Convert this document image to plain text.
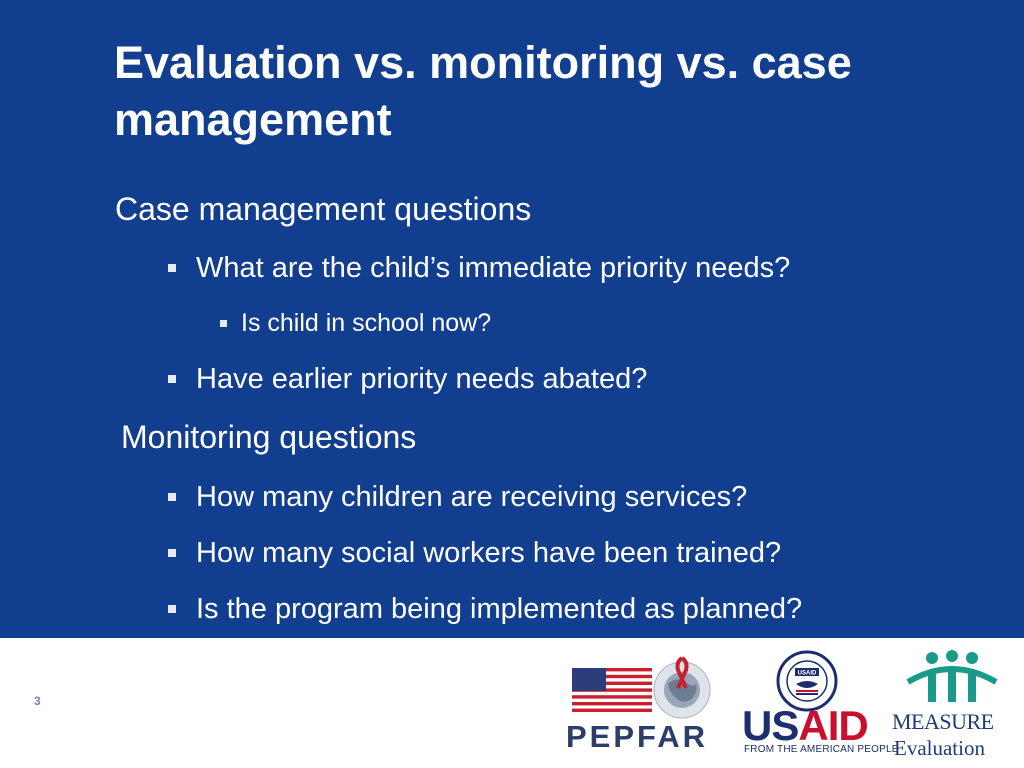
Evaluation vs. monitoring vs. case management
Case management questions
What are the child’s immediate priority needs?
Is child in school now?
Have earlier priority needs abated?
Monitoring questions
How many children are receiving services?
How many social workers have been trained?
Is the program being implemented as planned?
3
PEPFAR
USAID
USAID
FROM THE AMERICAN PEOPLE
MEASURE
Evaluation
